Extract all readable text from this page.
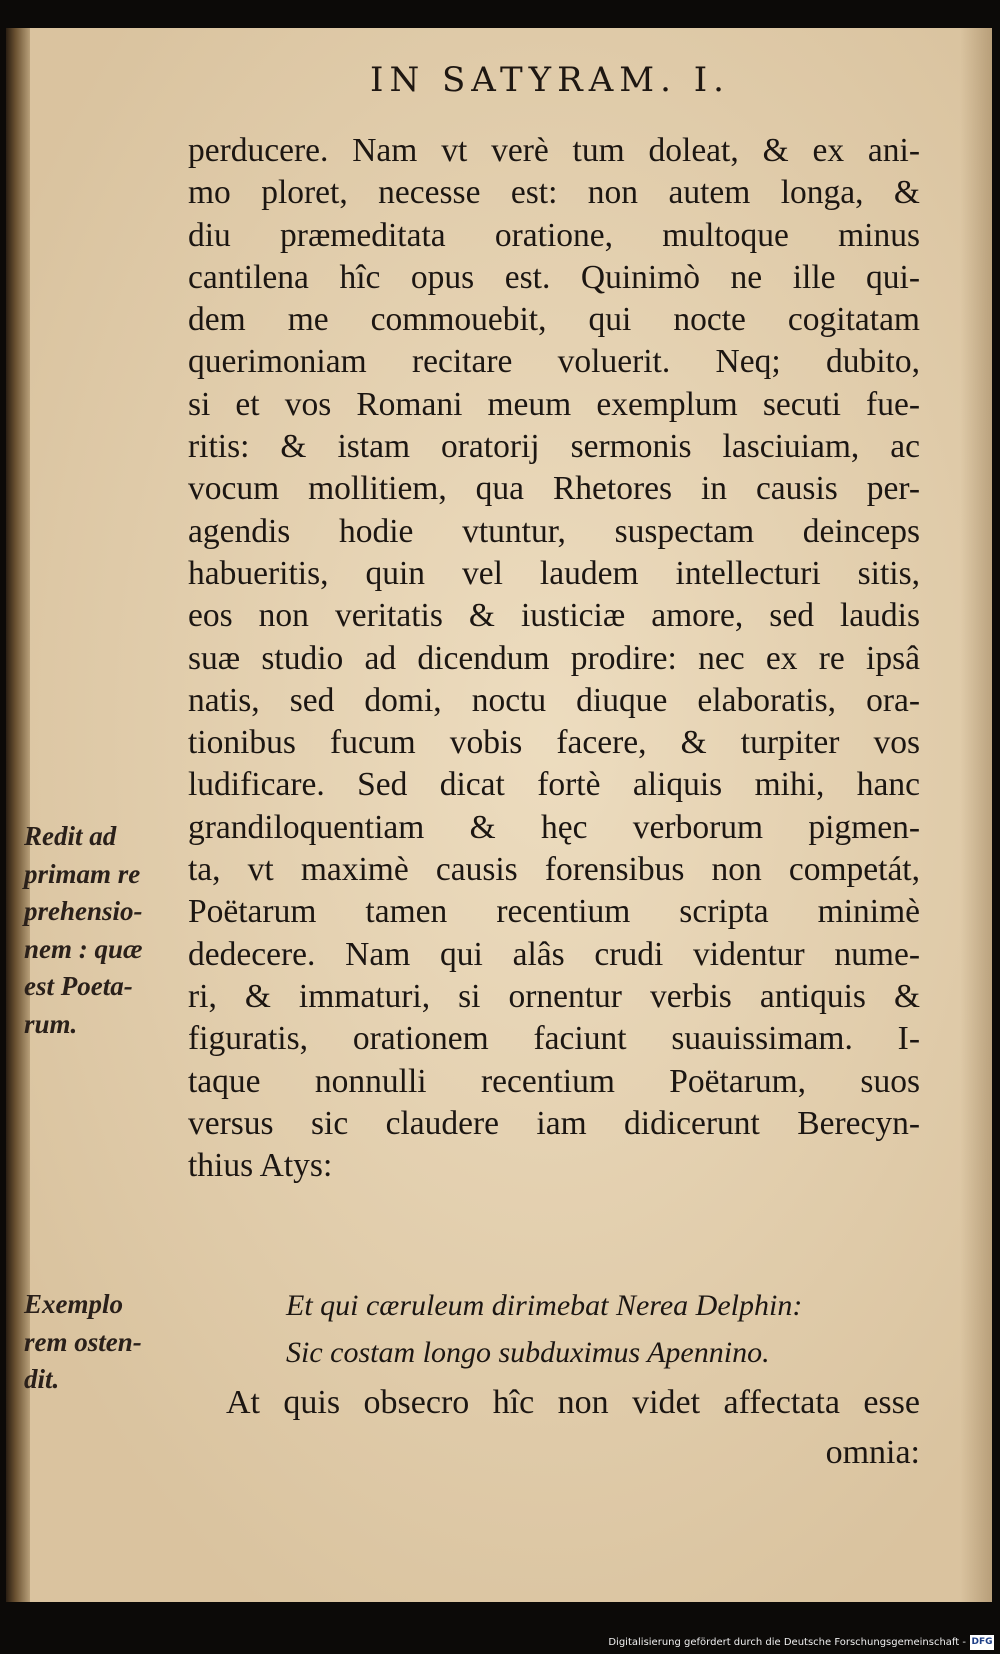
IN SATYRAM. I.
perducere. Nam vt verè tum doleat, & ex ani-
mo ploret, necesse est: non autem longa, &
diu præmeditata oratione, multoque minus
cantilena hîc opus est. Quinimò ne ille qui-
dem me commouebit, qui nocte cogitatam
querimoniam recitare voluerit. Neq; dubito,
si et vos Romani meum exemplum secuti fue-
ritis: & istam oratorij sermonis lasciuiam, ac
vocum mollitiem, qua Rhetores in causis per-
agendis hodie vtuntur, suspectam deinceps
habueritis, quin vel laudem intellecturi sitis,
eos non veritatis & iusticiæ amore, sed laudis
suæ studio ad dicendum prodire: nec ex re ipsâ
natis, sed domi, noctu diuque elaboratis, ora-
tionibus fucum vobis facere, & turpiter vos
ludificare. Sed dicat fortè aliquis mihi, hanc
grandiloquentiam & hęc verborum pigmen-
ta, vt maximè causis forensibus non competát,
Poëtarum tamen recentium scripta minimè
dedecere. Nam qui alâs crudi videntur nume-
ri, & immaturi, si ornentur verbis antiquis &
figuratis, orationem faciunt suauissimam. I-
taque nonnulli recentium Poëtarum, suos
versus sic claudere iam didicerunt Berecyn-
thius Atys:
Et qui cæruleum dirimebat Nerea Delphin:
Sic costam longo subduximus Apennino.
At quis obsecro hîc non videt affectata esse
omnia:
Redit ad
primam re
prehensio-
nem : quæ
est Poeta-
rum.
Exemplo
rem osten-
dit.
Digitalisierung gefördert durch die Deutsche Forschungsgemeinschaft - DFG
